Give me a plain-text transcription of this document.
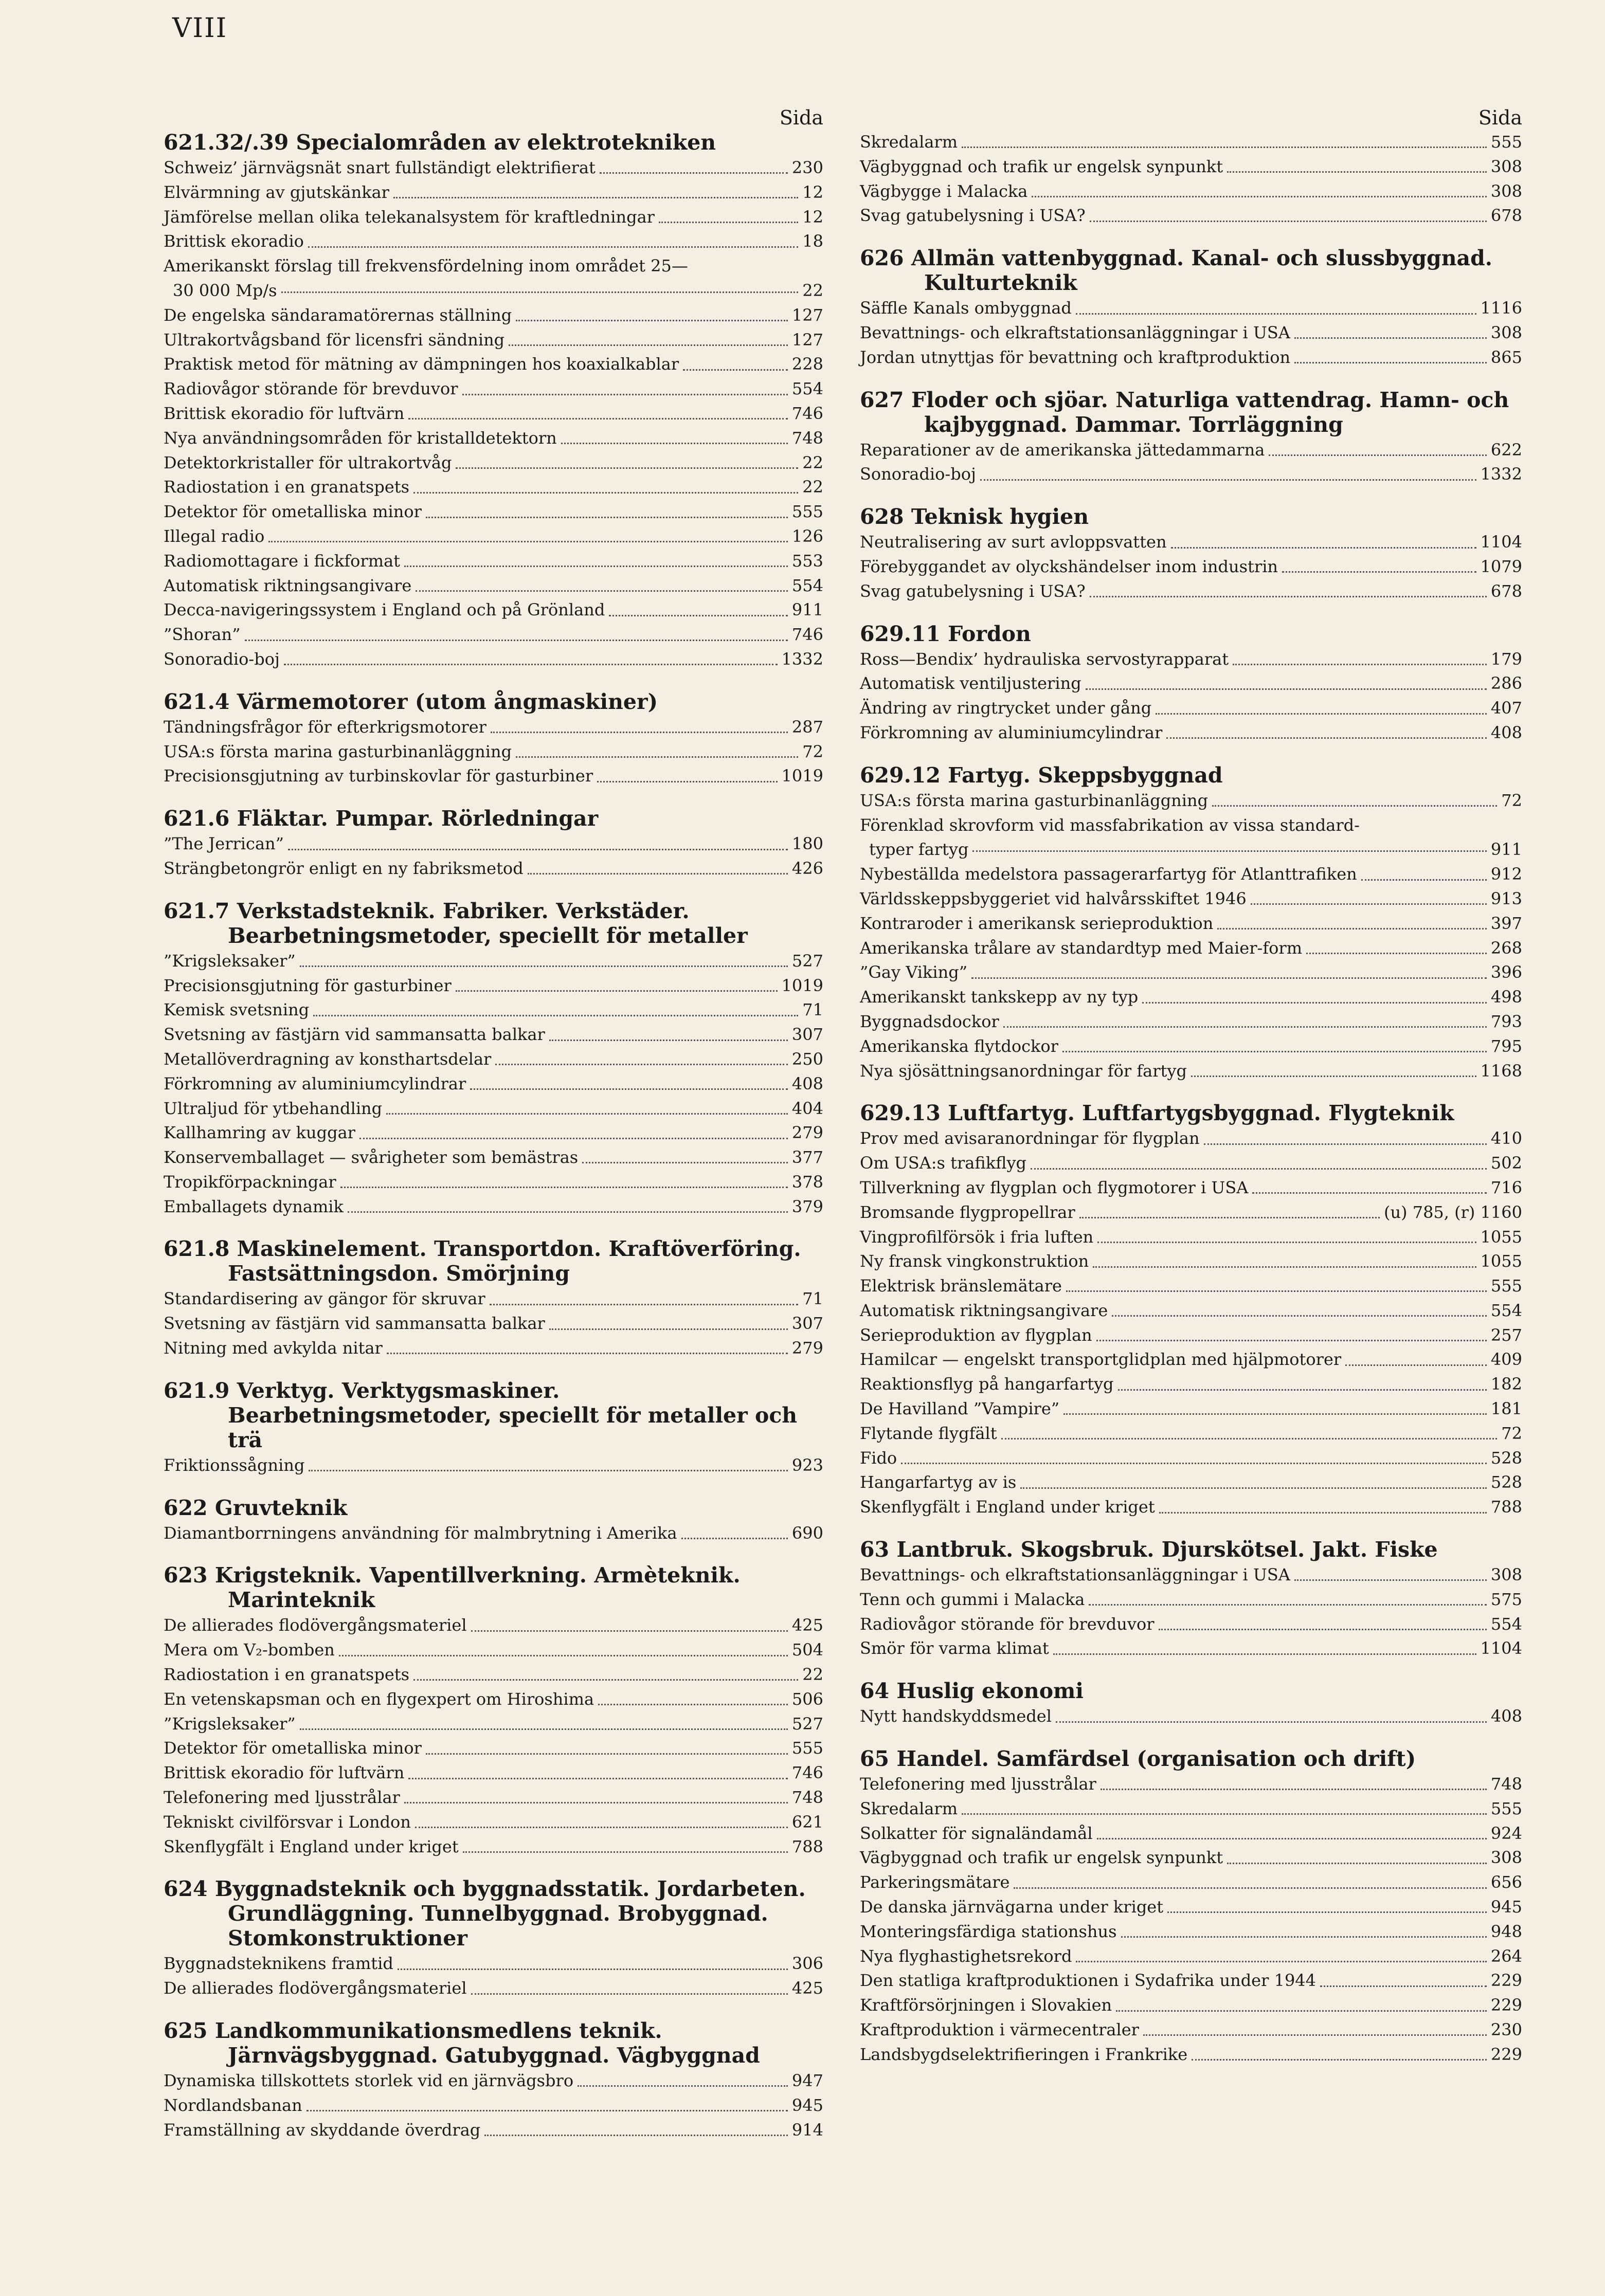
VIII
Sida
621.32/.39 Specialområden av elektrotekniken
Schweiz’ järnvägsnät snart fullständigt elektrifierat	230
Elvärmning av gjutskänkar	12
Jämförelse mellan olika telekanalsystem för kraftledningar	12
Brittisk ekoradio	18
Amerikanskt förslag till frekvensfördelning inom området 25—
30 000 Mp/s	22
De engelska sändaramatörernas ställning	127
Ultrakortvågsband för licensfri sändning	127
Praktisk metod för mätning av dämpningen hos koaxialkablar	228
Radiovågor störande för brevduvor	554
Brittisk ekoradio för luftvärn	746
Nya användningsområden för kristalldetektorn	748
Detektorkristaller för ultrakortvåg	22
Radiostation i en granatspets	22
Detektor för ometalliska minor	555
Illegal radio	126
Radiomottagare i fickformat	553
Automatisk riktningsangivare	554
Decca-navigeringssystem i England och på Grönland	911
”Shoran”	746
Sonoradio-boj	1332
621.4 Värmemotorer (utom ångmaskiner)
Tändningsfrågor för efterkrigsmotorer	287
USA:s första marina gasturbinanläggning	72
Precisionsgjutning av turbinskovlar för gasturbiner	1019
621.6 Fläktar. Pumpar. Rörledningar
”The Jerrican”	180
Strängbetongrör enligt en ny fabriksmetod	426
621.7 Verkstadsteknik. Fabriker. Verkstäder. Bearbetningsmetoder, speciellt för metaller
”Krigsleksaker”	527
Precisionsgjutning för gasturbiner	1019
Kemisk svetsning	71
Svetsning av fästjärn vid sammansatta balkar	307
Metallöverdragning av konsthartsdelar	250
Förkromning av aluminiumcylindrar	408
Ultraljud för ytbehandling	404
Kallhamring av kuggar	279
Konservemballaget — svårigheter som bemästras	377
Tropikförpackningar	378
Emballagets dynamik	379
621.8 Maskinelement. Transportdon. Kraftöverföring. Fastsättningsdon. Smörjning
Standardisering av gängor för skruvar	71
Svetsning av fästjärn vid sammansatta balkar	307
Nitning med avkylda nitar	279
621.9 Verktyg. Verktygsmaskiner. Bearbetningsmetoder, speciellt för metaller och trä
Friktionssågning	923
622 Gruvteknik
Diamantborrningens användning för malmbrytning i Amerika	690
623 Krigsteknik. Vapentillverkning. Armèteknik. Marinteknik
De allierades flodövergångsmateriel	425
Mera om V₂-bomben	504
Radiostation i en granatspets	22
En vetenskapsman och en flygexpert om Hiroshima	506
”Krigsleksaker”	527
Detektor för ometalliska minor	555
Brittisk ekoradio för luftvärn	746
Telefonering med ljusstrålar	748
Tekniskt civilförsvar i London	621
Skenflygfält i England under kriget	788
624 Byggnadsteknik och byggnadsstatik. Jordarbeten. Grundläggning. Tunnelbyggnad. Brobyggnad. Stomkonstruktioner
Byggnadsteknikens framtid	306
De allierades flodövergångsmateriel	425
625 Landkommunikationsmedlens teknik. Järnvägsbyggnad. Gatubyggnad. Vägbyggnad
Dynamiska tillskottets storlek vid en järnvägsbro	947
Nordlandsbanan	945
Framställning av skyddande överdrag	914
Sida
Skredalarm	555
Vägbyggnad och trafik ur engelsk synpunkt	308
Vägbygge i Malacka	308
Svag gatubelysning i USA?	678
626 Allmän vattenbyggnad. Kanal- och slussbyggnad. Kulturteknik
Säffle Kanals ombyggnad	1116
Bevattnings- och elkraftstationsanläggningar i USA	308
Jordan utnyttjas för bevattning och kraftproduktion	865
627 Floder och sjöar. Naturliga vattendrag. Hamn- och kajbyggnad. Dammar. Torrläggning
Reparationer av de amerikanska jättedammarna	622
Sonoradio-boj	1332
628 Teknisk hygien
Neutralisering av surt avloppsvatten	1104
Förebyggandet av olyckshändelser inom industrin	1079
Svag gatubelysning i USA?	678
629.11 Fordon
Ross—Bendix’ hydrauliska servostyrapparat	179
Automatisk ventiljustering	286
Ändring av ringtrycket under gång	407
Förkromning av aluminiumcylindrar	408
629.12 Fartyg. Skeppsbyggnad
USA:s första marina gasturbinanläggning	72
Förenklad skrovform vid massfabrikation av vissa standard-
typer fartyg	911
Nybeställda medelstora passagerarfartyg för Atlanttrafiken	912
Världsskeppsbyggeriet vid halvårsskiftet 1946	913
Kontraroder i amerikansk serieproduktion	397
Amerikanska trålare av standardtyp med Maier-form	268
”Gay Viking”	396
Amerikanskt tankskepp av ny typ	498
Byggnadsdockor	793
Amerikanska flytdockor	795
Nya sjösättningsanordningar för fartyg	1168
629.13 Luftfartyg. Luftfartygsbyggnad. Flygteknik
Prov med avisaranordningar för flygplan	410
Om USA:s trafikflyg	502
Tillverkning av flygplan och flygmotorer i USA	716
Bromsande flygpropellrar	(u) 785, (r) 1160
Vingprofilförsök i fria luften	1055
Ny fransk vingkonstruktion	1055
Elektrisk bränslemätare	555
Automatisk riktningsangivare	554
Serieproduktion av flygplan	257
Hamilcar — engelskt transportglidplan med hjälpmotorer	409
Reaktionsflyg på hangarfartyg	182
De Havilland ”Vampire”	181
Flytande flygfält	72
Fido	528
Hangarfartyg av is	528
Skenflygfält i England under kriget	788
63 Lantbruk. Skogsbruk. Djurskötsel. Jakt. Fiske
Bevattnings- och elkraftstationsanläggningar i USA	308
Tenn och gummi i Malacka	575
Radiovågor störande för brevduvor	554
Smör för varma klimat	1104
64 Huslig ekonomi
Nytt handskyddsmedel	408
65 Handel. Samfärdsel (organisation och drift)
Telefonering med ljusstrålar	748
Skredalarm	555
Solkatter för signaländamål	924
Vägbyggnad och trafik ur engelsk synpunkt	308
Parkeringsmätare	656
De danska järnvägarna under kriget	945
Monteringsfärdiga stationshus	948
Nya flyghastighetsrekord	264
Den statliga kraftproduktionen i Sydafrika under 1944	229
Kraftförsörjningen i Slovakien	229
Kraftproduktion i värmecentraler	230
Landsbygdselektrifieringen i Frankrike	229
